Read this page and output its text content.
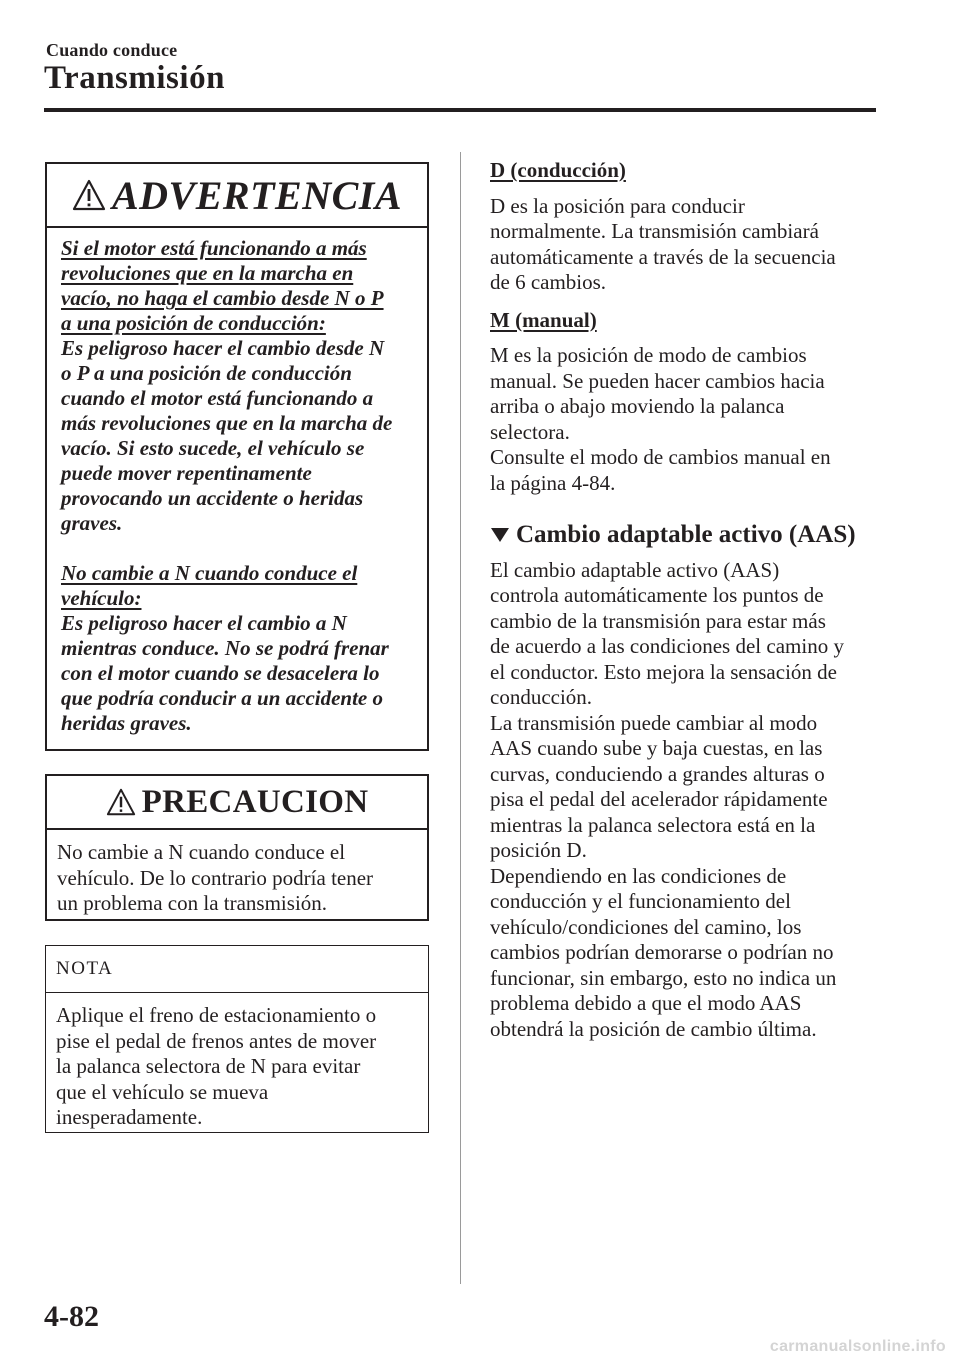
Cuando conduce
Transmisión
ADVERTENCIA
Si el motor está funcionando a más
revoluciones que en la marcha en
vacío, no haga el cambio desde N o P
a una posición de conducción:
Es peligroso hacer el cambio desde N
o P a una posición de conducción
cuando el motor está funcionando a
más revoluciones que en la marcha de
vacío. Si esto sucede, el vehículo se
puede mover repentinamente
provocando un accidente o heridas
graves.
No cambie a N cuando conduce el
vehículo:
Es peligroso hacer el cambio a N
mientras conduce. No se podrá frenar
con el motor cuando se desacelera lo
que podría conducir a un accidente o
heridas graves.
PRECAUCION
No cambie a N cuando conduce el
vehículo. De lo contrario podría tener
un problema con la transmisión.
NOTA
Aplique el freno de estacionamiento o
pise el pedal de frenos antes de mover
la palanca selectora de N para evitar
que el vehículo se mueva
inesperadamente.
D (conducción)
D es la posición para conducir
normalmente. La transmisión cambiará
automáticamente a través de la secuencia
de 6 cambios.
M (manual)
M es la posición de modo de cambios
manual. Se pueden hacer cambios hacia
arriba o abajo moviendo la palanca
selectora.
Consulte el modo de cambios manual en
la página 4-84.
Cambio adaptable activo (AAS)
El cambio adaptable activo (AAS)
controla automáticamente los puntos de
cambio de la transmisión para estar más
de acuerdo a las condiciones del camino y
el conductor. Esto mejora la sensación de
conducción.
La transmisión puede cambiar al modo
AAS cuando sube y baja cuestas, en las
curvas, conduciendo a grandes alturas o
pisa el pedal del acelerador rápidamente
mientras la palanca selectora está en la
posición D.
Dependiendo en las condiciones de
conducción y el funcionamiento del
vehículo/condiciones del camino, los
cambios podrían demorarse o podrían no
funcionar, sin embargo, esto no indica un
problema debido a que el modo AAS
obtendrá la posición de cambio última.
4-82
carmanualsonline.info
